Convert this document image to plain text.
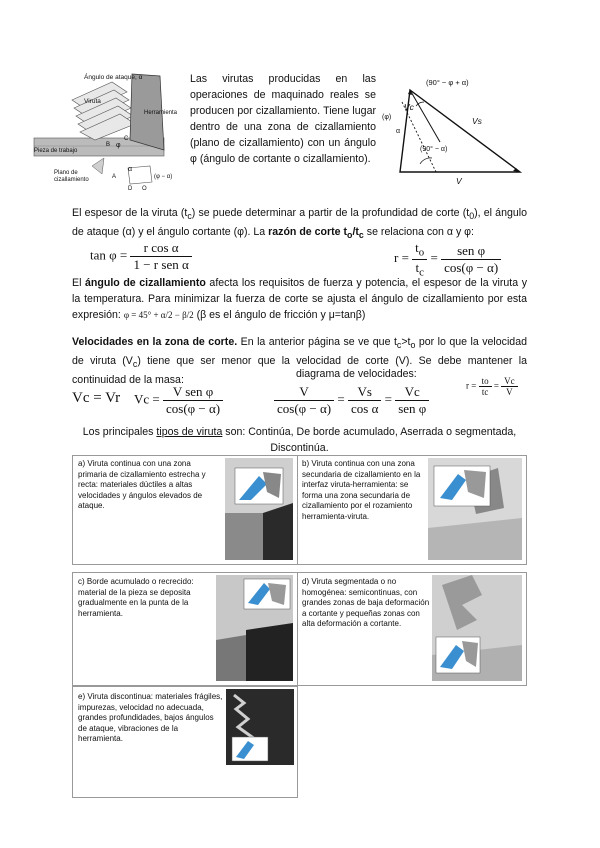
Ángulo de ataque, α
Viruta
Herramienta
Pieza de trabajo
Plano de cizallamiento
φ
α
(φ − α)
A
B
C
D O
Las virutas producidas en las operaciones de maquinado reales se producen por cizallamiento. Tiene lugar dentro de una zona de cizallamiento (plano de cizallamiento) con un ángulo φ (ángulo de cortante o cizallamiento).
(90° − φ + α)
Vc
Vs
(φ)
α
(90° − α)
V
El espesor de la viruta $(t_c)$ se puede determinar a partir de la profundidad de corte $(t_0)$, el ángulo de ataque (α) y el ángulo cortante (φ). La razón de corte $t_o/t_c$ se relaciona con α y φ:
$\tan \varphi = \frac{\text{r cos α}}{\text{1 − r sen α}}$	$r = \frac{t_o}{t_c} = \frac{\text{sen φ}}{\cos(\varphi - \alpha)}$
El ángulo de cizallamiento afecta los requisitos de fuerza y potencia, el espesor de la viruta y la temperatura. Para minimizar la fuerza de corte se ajusta el ángulo de cizallamiento por esta expresión: φ = 45° + α/2 − β/2 (β es el ángulo de fricción y μ=tanβ)
Velocidades en la zona de corte. En la anterior página se ve que $t_c>t_o$ por lo que la velocidad de viruta $(V_c)$ tiene que ser menor que la velocidad de corte (V). Se debe mantener la continuidad de la masa:
diagrama de velocidades:
Vc = Vr $Vc = \frac{\text{V sen φ}}{\cos(\varphi - \alpha)}$	$\frac{V}{\cos(\varphi - \alpha)} = \frac{Vs}{\text{cos α}} = \frac{Vc}{\text{sen φ}}$	$r = \frac{to}{tc} = \frac{Vc}{V}$
Los principales tipos de viruta son: Continúa, De borde acumulado, Aserrada o segmentada,
Discontinúa.
a) Viruta continua con una zona primaria de cizallamiento estrecha y recta: materiales dúctiles a altas velocidades y ángulos elevados de ataque.
b) Viruta continua con una zona secundaria de cizallamiento en la interfaz viruta-herramienta: se forma una zona secundaria de cizallamiento por el rozamiento herramienta-viruta.
c) Borde acumulado o recrecido: material de la pieza se deposita gradualmente en la punta de la herramienta.
d) Viruta segmentada o no homogénea: semicontinuas, con grandes zonas de baja deformación a cortante y pequeñas zonas con alta deformación a cortante.
e) Viruta discontinua: materiales frágiles, impurezas, velocidad no adecuada, grandes profundidades, bajos ángulos de ataque, vibraciones de la herramienta.
